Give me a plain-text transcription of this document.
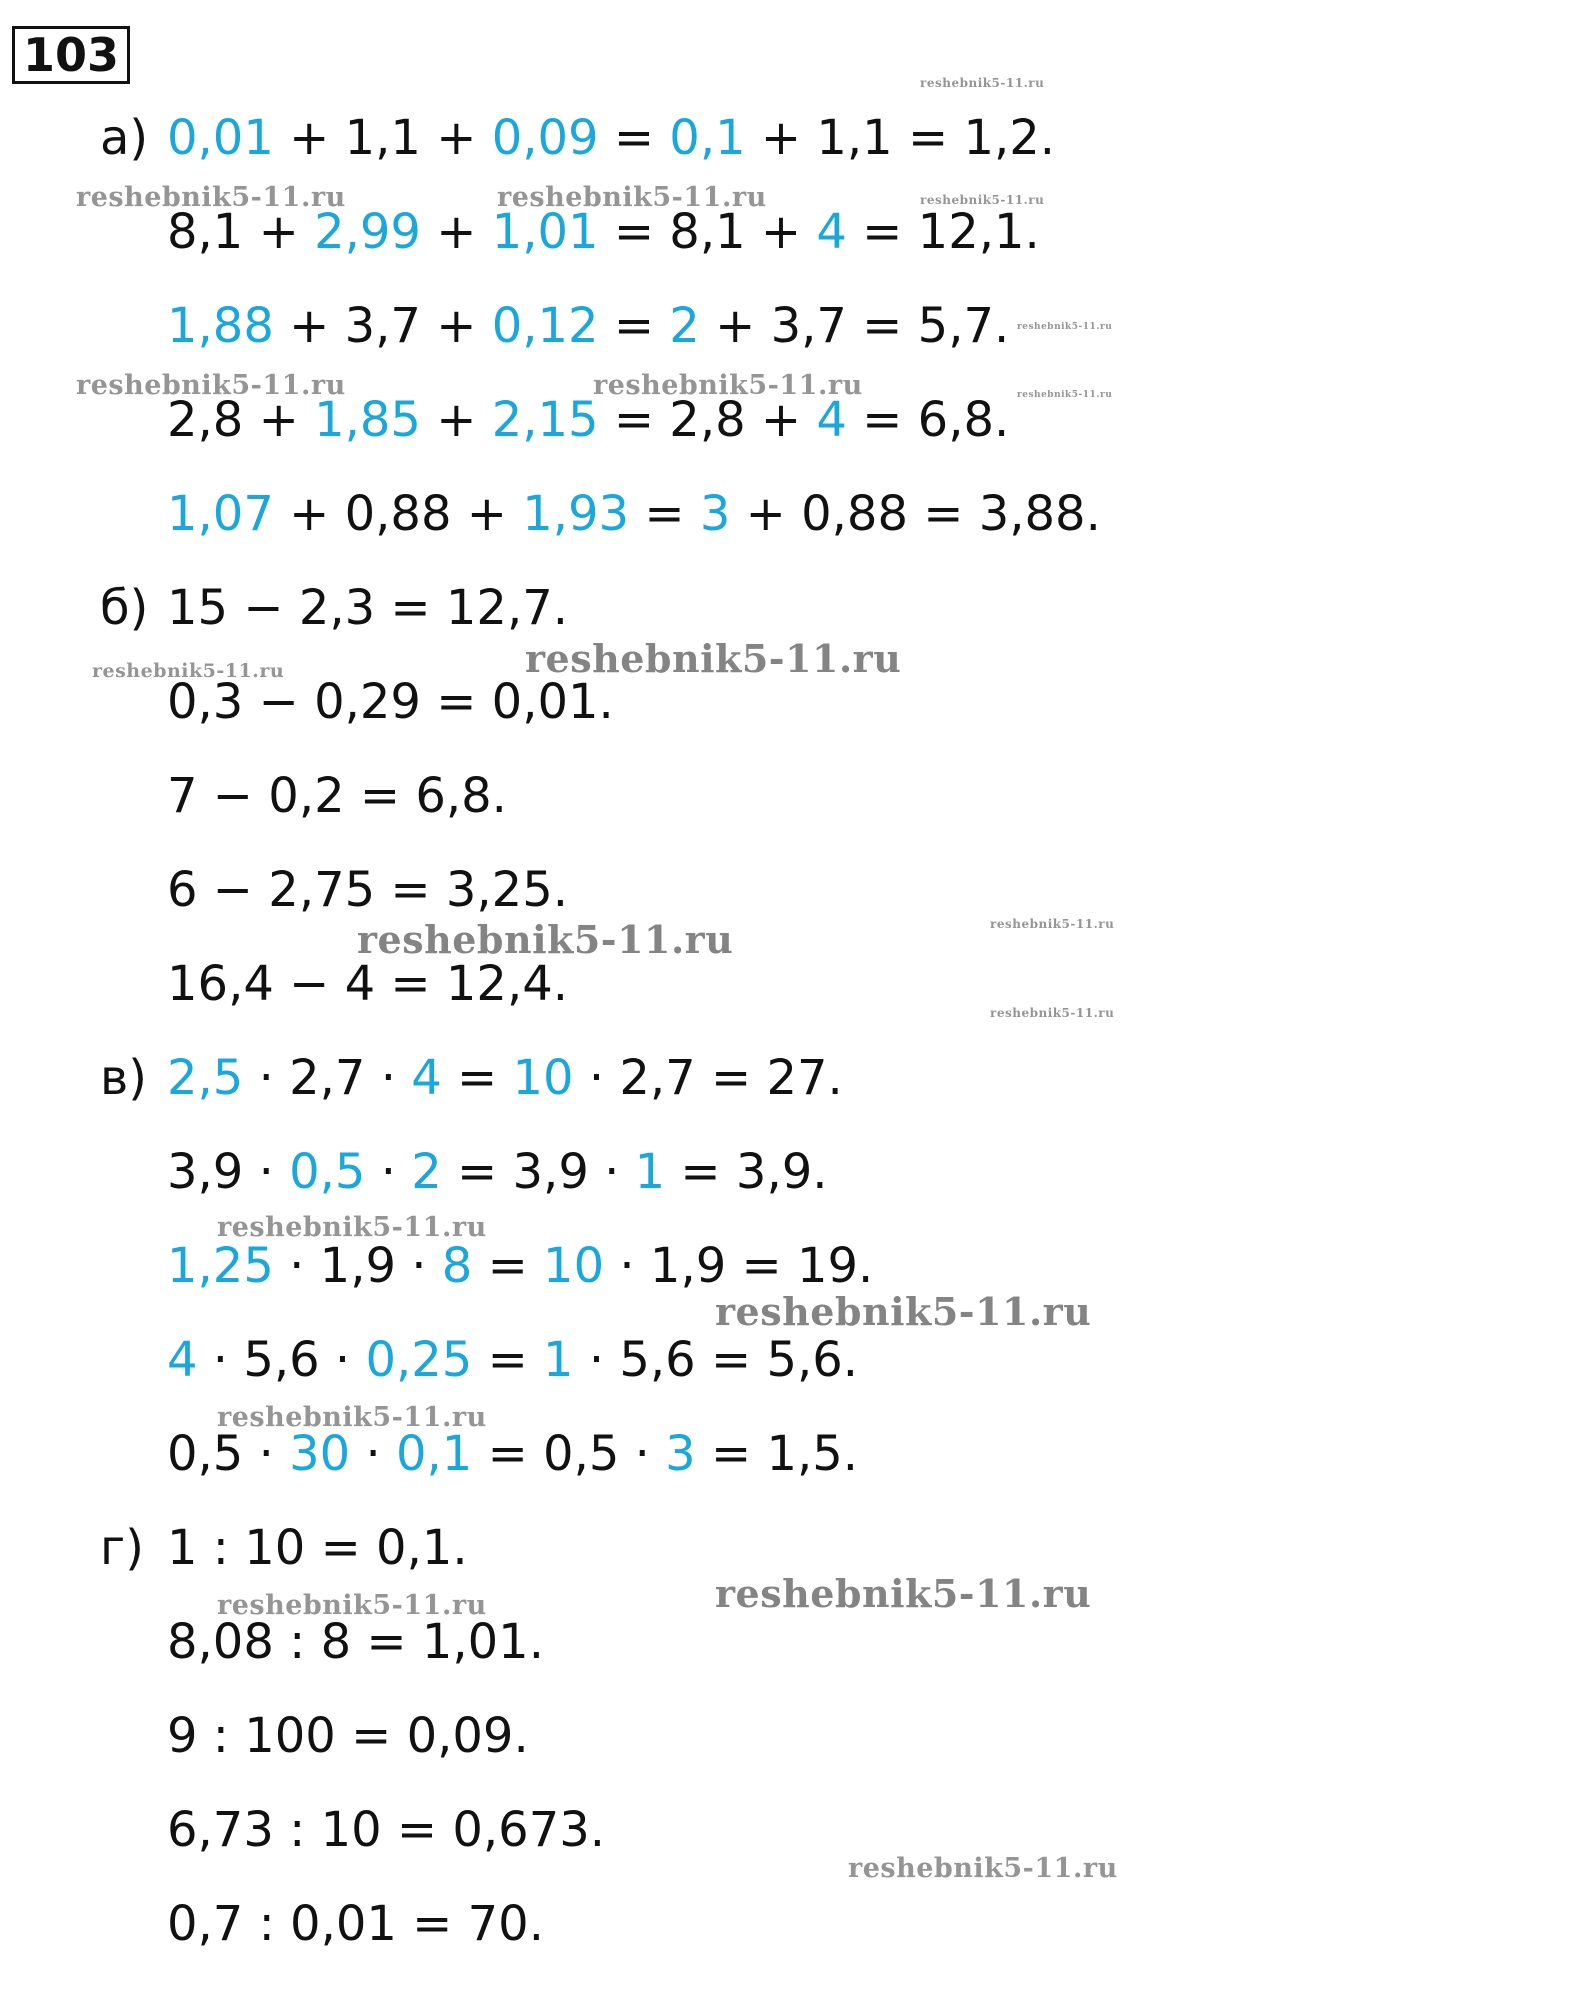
103
а) 0,01 + 1,1 + 0,09 = 0,1 + 1,1 = 1,2.
8,1 + 2,99 + 1,01 = 8,1 + 4 = 12,1.
1,88 + 3,7 + 0,12 = 2 + 3,7 = 5,7.
2,8 + 1,85 + 2,15 = 2,8 + 4 = 6,8.
1,07 + 0,88 + 1,93 = 3 + 0,88 = 3,88.
б) 15 − 2,3 = 12,7.
0,3 − 0,29 = 0,01.
7 − 0,2 = 6,8.
6 − 2,75 = 3,25.
16,4 − 4 = 12,4.
в) 2,5 · 2,7 · 4 = 10 · 2,7 = 27.
3,9 · 0,5 · 2 = 3,9 · 1 = 3,9.
1,25 · 1,9 · 8 = 10 · 1,9 = 19.
4 · 5,6 · 0,25 = 1 · 5,6 = 5,6.
0,5 · 30 · 0,1 = 0,5 · 3 = 1,5.
г) 1 : 10 = 0,1.
8,08 : 8 = 1,01.
9 : 100 = 0,09.
6,73 : 10 = 0,673.
0,7 : 0,01 = 70.
reshebnik5-11.ru
reshebnik5-11.ru	reshebnik5-11.ru	reshebnik5-11.ru
reshebnik5-11.ru
reshebnik5-11.ru	reshebnik5-11.ru	reshebnik5-11.ru
reshebnik5-11.ru	reshebnik5-11.ru
reshebnik5-11.ru	reshebnik5-11.ru
reshebnik5-11.ru
reshebnik5-11.ru
reshebnik5-11.ru
reshebnik5-11.ru
reshebnik5-11.ru
reshebnik5-11.ru
reshebnik5-11.ru
